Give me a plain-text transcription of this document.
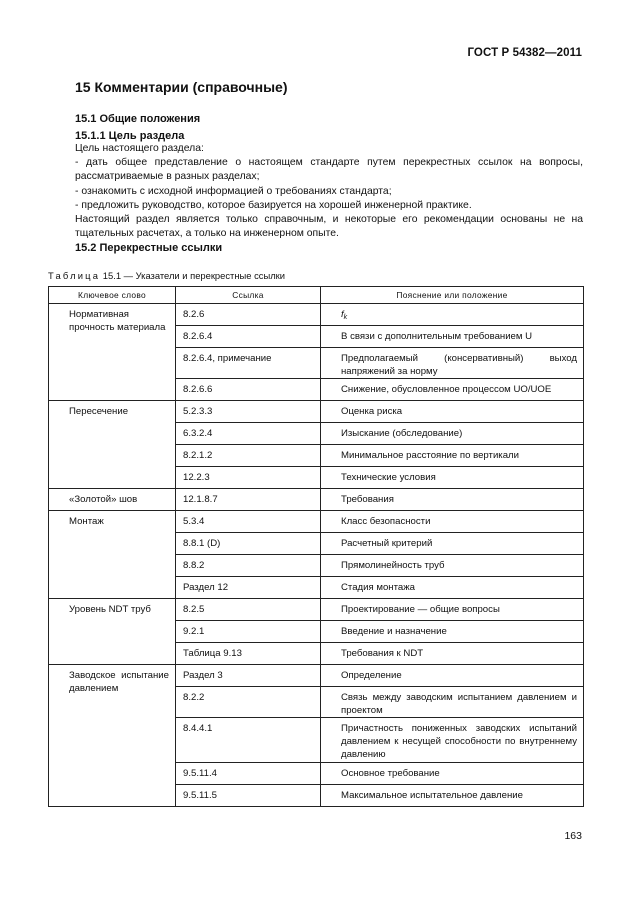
ГОСТ Р 54382—2011
15 Комментарии (справочные)
15.1 Общие положения
15.1.1 Цель раздела

Цель настоящего раздела:

- дать общее представление о настоящем стандарте путем перекрестных ссылок на вопросы, рассматриваемые в разных разделах;

- ознакомить с исходной информацией о требованиях стандарта;

- предложить руководство, которое базируется на хорошей инженерной практике.

Настоящий раздел является только справочным, и некоторые его рекомендации основаны не на тщательных расчетах, а только на инженерном опыте.

15.2 Перекрестные ссылки
Таблица 15.1 — Указатели и перекрестные ссылки
Ключевое слово	Ссылка	Пояснение или положение

Нормативная прочность материала	8.2.6	$f_k$

	8.2.6.4	В связи с дополнительным требованием U

	8.2.6.4, примечание	Предполагаемый (консервативный) выход напряжений за норму

	8.2.6.6	Снижение, обусловленное процессом UO/UOE

Пересечение	5.2.3.3	Оценка риска

	6.3.2.4	Изыскание (обследование)

	8.2.1.2	Минимальное расстояние по вертикали

	12.2.3	Технические условия

«Золотой» шов	12.1.8.7	Требования

Монтаж	5.3.4	Класс безопасности

	8.8.1 (D)	Расчетный критерий

	8.8.2	Прямолинейность труб

	Раздел 12	Стадия монтажа

Уровень NDT труб	8.2.5	Проектирование — общие вопросы

	9.2.1	Введение и назначение

	Таблица 9.13	Требования к NDT

Заводское испытание давлением	Раздел 3	Определение

	8.2.2	Связь между заводским испытанием давлением и проектом

	8.4.4.1	Причастность пониженных заводских испытаний давлением к несущей способности по внутреннему давлению

	9.5.11.4	Основное требование

	9.5.11.5	Максимальное испытательное давление
163
